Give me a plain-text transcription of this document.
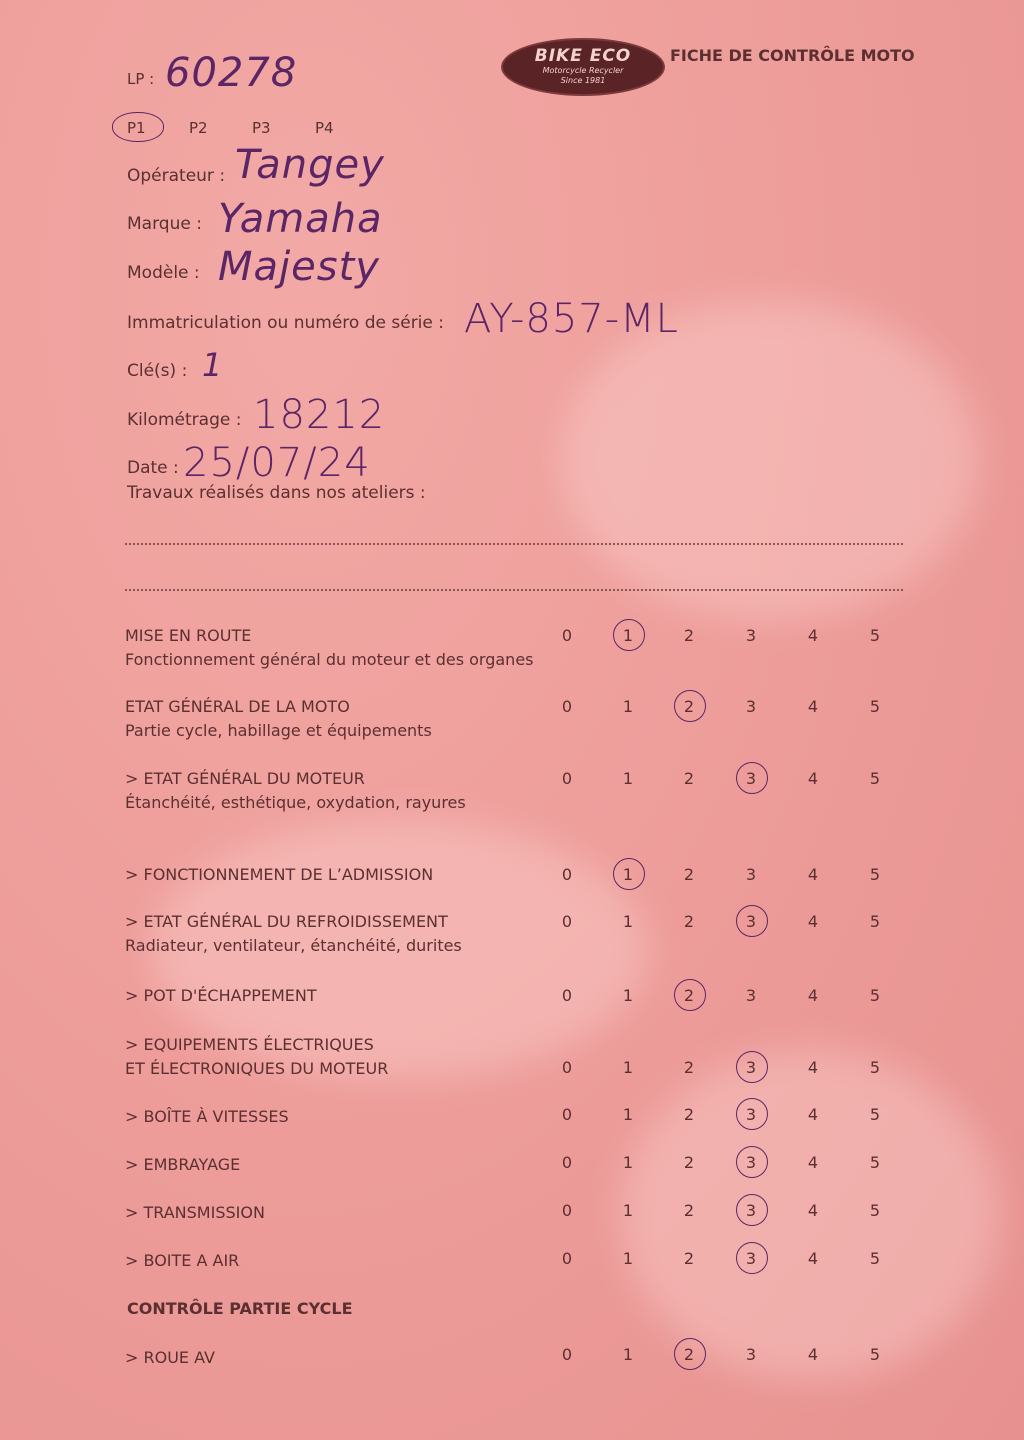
BIKE ECO
Motorcycle Recycler
Since 1981
FICHE DE CONTRÔLE MOTO
LP : 60278
P1	P2	P3	P4
Opérateur : Tangey
Marque : Yamaha
Modèle : Majesty
Immatriculation ou numéro de série : AY-857-ML
Clé(s) : 1
Kilométrage : 18212
Date : 25/07/24
Travaux réalisés dans nos ateliers :
MISE EN ROUTE
Fonctionnement général du moteur et des organes
0	1	2	3	4	5
ETAT GÉNÉRAL DE LA MOTO
Partie cycle, habillage et équipements
0	1	2	3	4	5
> ETAT GÉNÉRAL DU MOTEUR
Étanchéité, esthétique, oxydation, rayures
0	1	2	3	4	5
> FONCTIONNEMENT DE L’ADMISSION	0	1	2	3	4	5
> ETAT GÉNÉRAL DU REFROIDISSEMENT
Radiateur, ventilateur, étanchéité, durites
0	1	2	3	4	5
> POT D'ÉCHAPPEMENT	0	1	2	3	4	5
> EQUIPEMENTS ÉLECTRIQUES
ET ÉLECTRONIQUES DU MOTEUR	0	1	2	3	4	5
> BOÎTE À VITESSES	0	1	2	3	4	5
> EMBRAYAGE	0	1	2	3	4	5
> TRANSMISSION	0	1	2	3	4	5
> BOITE A AIR	0	1	2	3	4	5
CONTRÔLE PARTIE CYCLE
> ROUE AV	0	1	2	3	4	5
